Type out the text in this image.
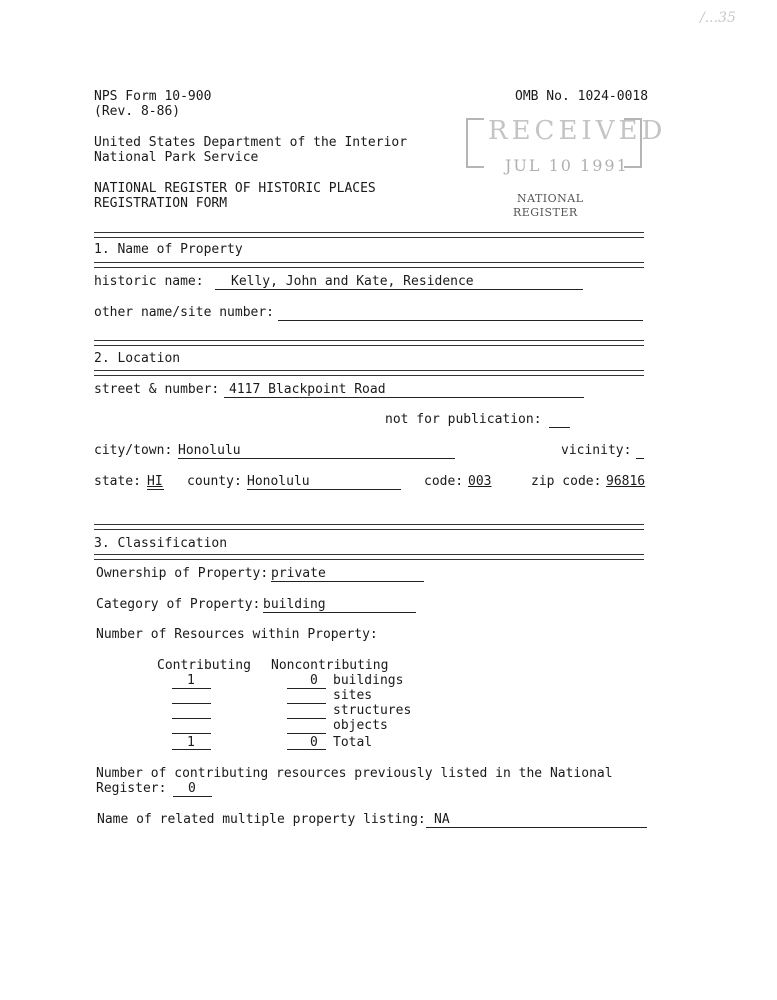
/...35
NPS Form 10-900
(Rev. 8-86)
OMB No. 1024-0018
United States Department of the Interior
National Park Service
NATIONAL REGISTER OF HISTORIC PLACES
REGISTRATION FORM
RECEIVED
JUL 10 1991
NATIONAL
REGISTER
1. Name of Property
historic name: Kelly, John and Kate, Residence
other name/site number:
2. Location
street & number: 4117 Blackpoint Road
not for publication:
city/town: Honolulu	vicinity:
state: HI county: Honolulu	code: 003	zip code: 96816
3. Classification
Ownership of Property: private
Category of Property: building
Number of Resources within Property:
Contributing Noncontributing
1	0 buildings
sites
structures
objects
1	0 Total
Number of contributing resources previously listed in the National
Register: 0
Name of related multiple property listing: NA
